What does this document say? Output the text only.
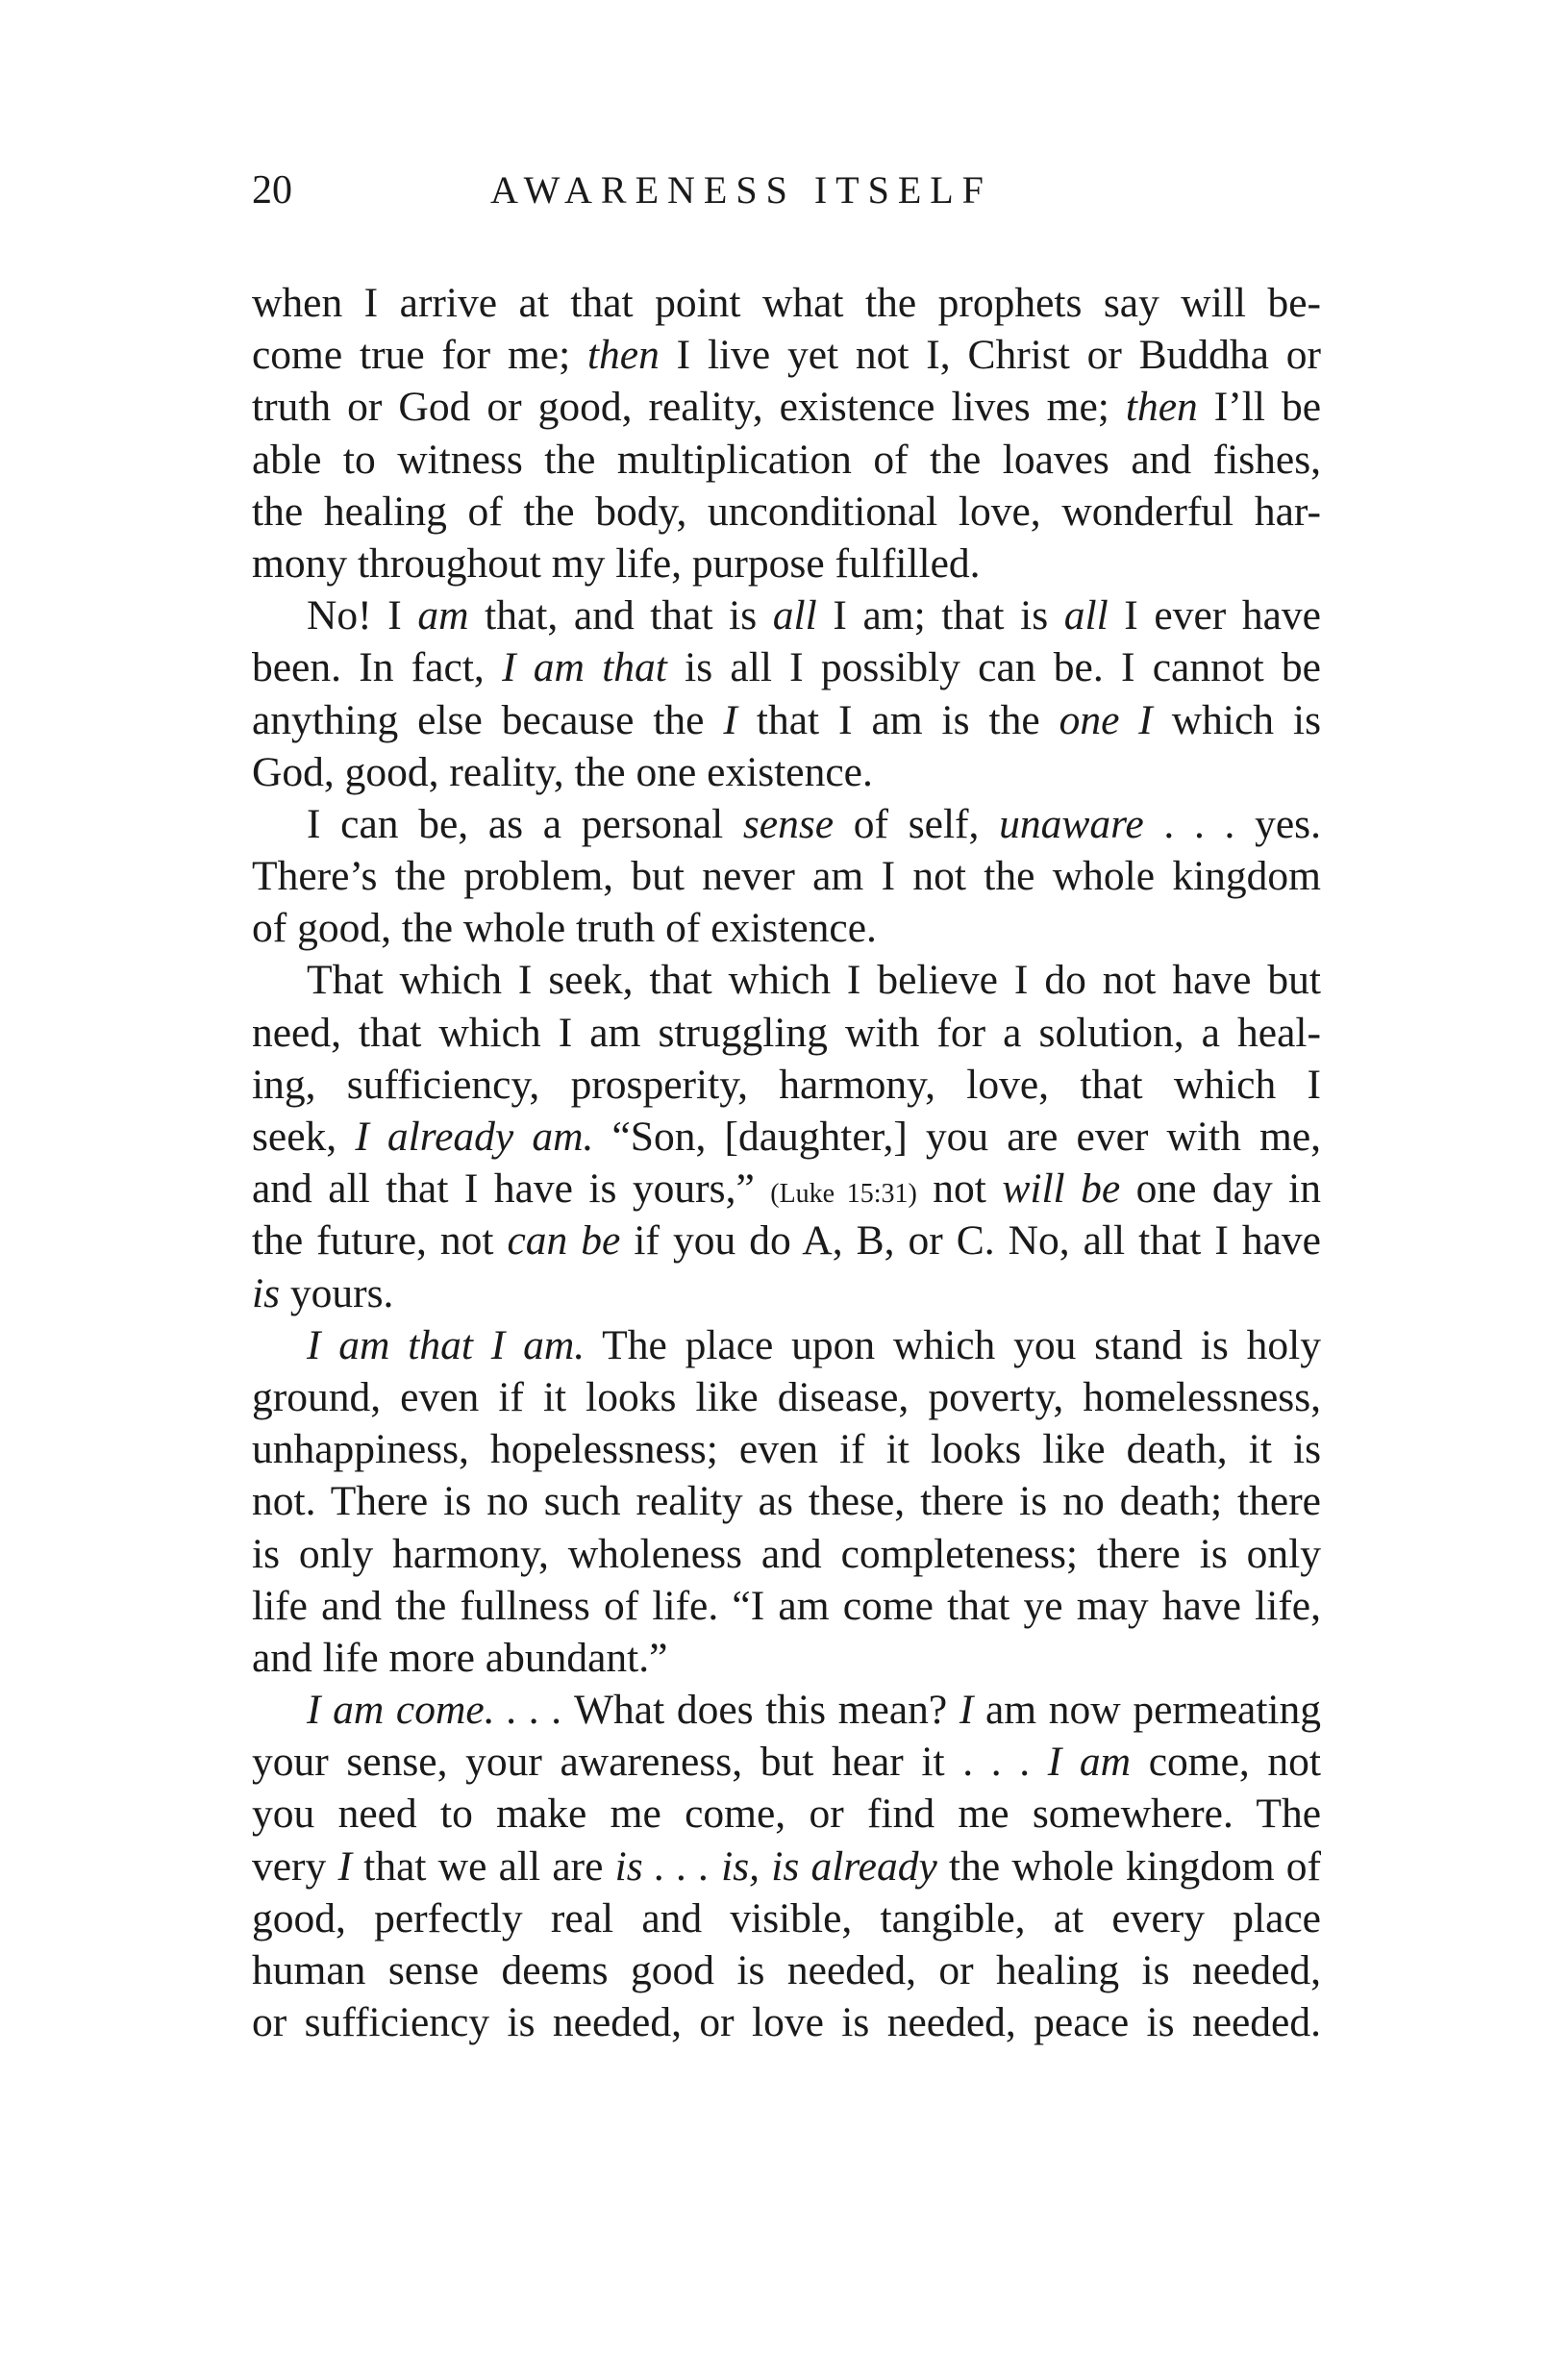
20	AWARENESS ITSELF
when I arrive at that point what the prophets say will be-
come true for me; then I live yet not I, Christ or Buddha or
truth or God or good, reality, existence lives me; then I’ll be
able to witness the multiplication of the loaves and fishes,
the healing of the body, unconditional love, wonderful har-
mony throughout my life, purpose fulfilled.
No! I am that, and that is all I am; that is all I ever have
been. In fact, I am that is all I possibly can be. I cannot be
anything else because the I that I am is the one I which is
God, good, reality, the one existence.
I can be, as a personal sense of self, unaware . . . yes.
There’s the problem, but never am I not the whole kingdom
of good, the whole truth of existence.
That which I seek, that which I believe I do not have but
need, that which I am struggling with for a solution, a heal-
ing, sufficiency, prosperity, harmony, love, that which I
seek, I already am. “Son, [daughter,] you are ever with me,
and all that I have is yours,” (Luke 15:31) not will be one day in
the future, not can be if you do A, B, or C. No, all that I have
is yours.
I am that I am. The place upon which you stand is holy
ground, even if it looks like disease, poverty, homelessness,
unhappiness, hopelessness; even if it looks like death, it is
not. There is no such reality as these, there is no death; there
is only harmony, wholeness and completeness; there is only
life and the fullness of life. “I am come that ye may have life,
and life more abundant.”
I am come. . . . What does this mean? I am now permeating
your sense, your awareness, but hear it . . . I am come, not
you need to make me come, or find me somewhere. The
very I that we all are is . . . is, is already the whole kingdom of
good, perfectly real and visible, tangible, at every place
human sense deems good is needed, or healing is needed,
or sufficiency is needed, or love is needed, peace is needed.
